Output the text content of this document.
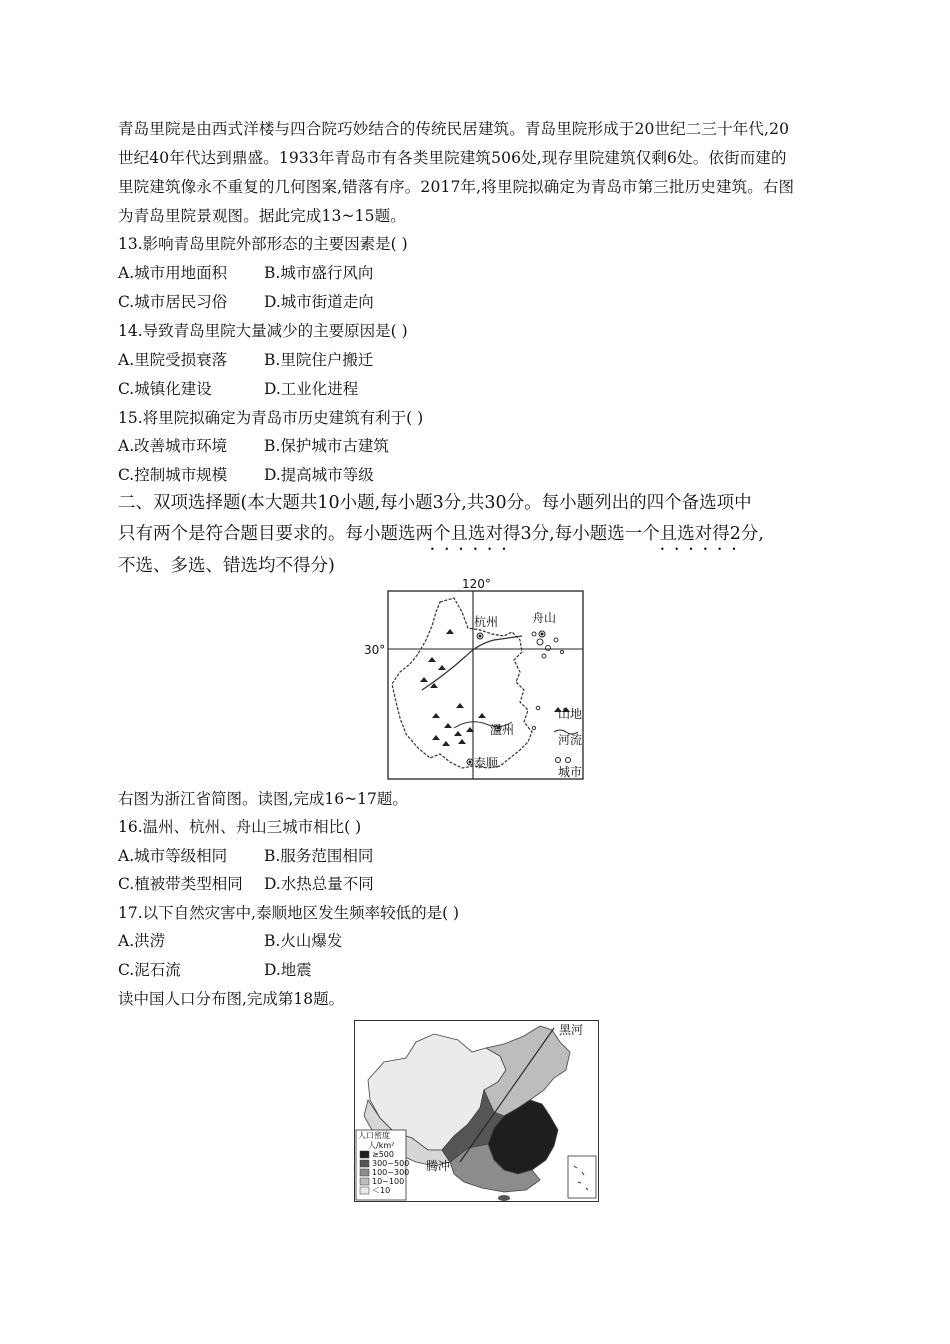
青岛里院是由西式洋楼与四合院巧妙结合的传统民居建筑。青岛里院形成于20世纪二三十年代,20
世纪40年代达到鼎盛。1933年青岛市有各类里院建筑506处,现存里院建筑仅剩6处。依街而建的
里院建筑像永不重复的几何图案,错落有序。2017年,将里院拟确定为青岛市第三批历史建筑。右图
为青岛里院景观图。据此完成13~15题。
13.影响青岛里院外部形态的主要因素是( )
A.城市用地面积 B.城市盛行风向
C.城市居民习俗 D.城市街道走向
14.导致青岛里院大量减少的主要原因是( )
A.里院受损衰落 B.里院住户搬迁
C.城镇化建设	D.工业化进程
15.将里院拟确定为青岛市历史建筑有利于( )
A.改善城市环境 B.保护城市古建筑
C.控制城市规模 D.提高城市等级
二、双项选择题(本大题共10小题,每小题3分,共30分。每小题列出的四个备选项中
只有两个是符合题目要求的。每小题选两个且选对得3分,每小题选一个且选对得2分,
••••••	••••••
不选、多选、错选均不得分)
120°
30°
杭州	舟山
温州
泰顺
山地
河流
城市
右图为浙江省简图。读图,完成16~17题。
16.温州、杭州、舟山三城市相比( )
A.城市等级相同 B.服务范围相同
C.植被带类型相同 D.水热总量不同
17.以下自然灾害中,泰顺地区发生频率较低的是( )
A.洪涝	B.火山爆发
C.泥石流	D.地震
读中国人口分布图,完成第18题。
黑河
腾冲
人口密度
人/km²
≥500
300~500
100~300
10~100
＜10
